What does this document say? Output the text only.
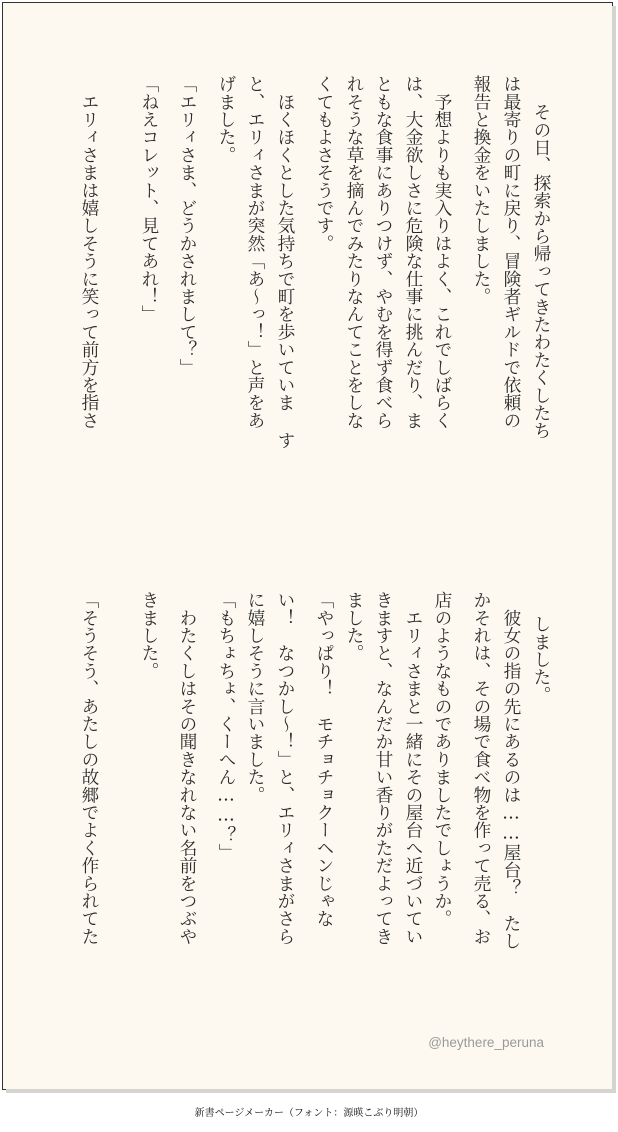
その日、探索から帰ってきたわたくしたち
は最寄りの町に戻り、冒険者ギルドで依頼の
報告と換金をいたしました。
　予想よりも実入りはよく、これでしばらく
は、大金欲しさに危険な仕事に挑んだり、ま
ともな食事にありつけず、やむを得ず食べら
れそうな草を摘んでみたりなんてことをしな
くてもよさそうです。
　ほくほくとした気持ちで町を歩いていま す
と、エリィさまが突然「あ〜っ！」と声をあ
げました。
「エリィさま、どうかされまして？」
「ねえコレット、見てあれ！」
　エリィさまは嬉しそうに笑って前方を指さ
しました。
　彼女の指の先にあるのは……屋台？　たし
かそれは、その場で食べ物を作って売る、お
店のようなものでありましたでしょうか。
　エリィさまと一緒にその屋台へ近づいてい
きますと、なんだか甘い香りがただよってき
ました。
「やっぱり！　モチョチョクーヘンじゃな
い！　なつかし〜！」と、エリィさまがさら
に嬉しそうに言いました。
「もちょちょ、くーへん……？」
　わたくしはその聞きなれない名前をつぶや
きました。
「そうそう、あたしの故郷でよく作られてた
@heythere_peruna
新書ページメーカー（フォント：源暎こぶり明朝）
